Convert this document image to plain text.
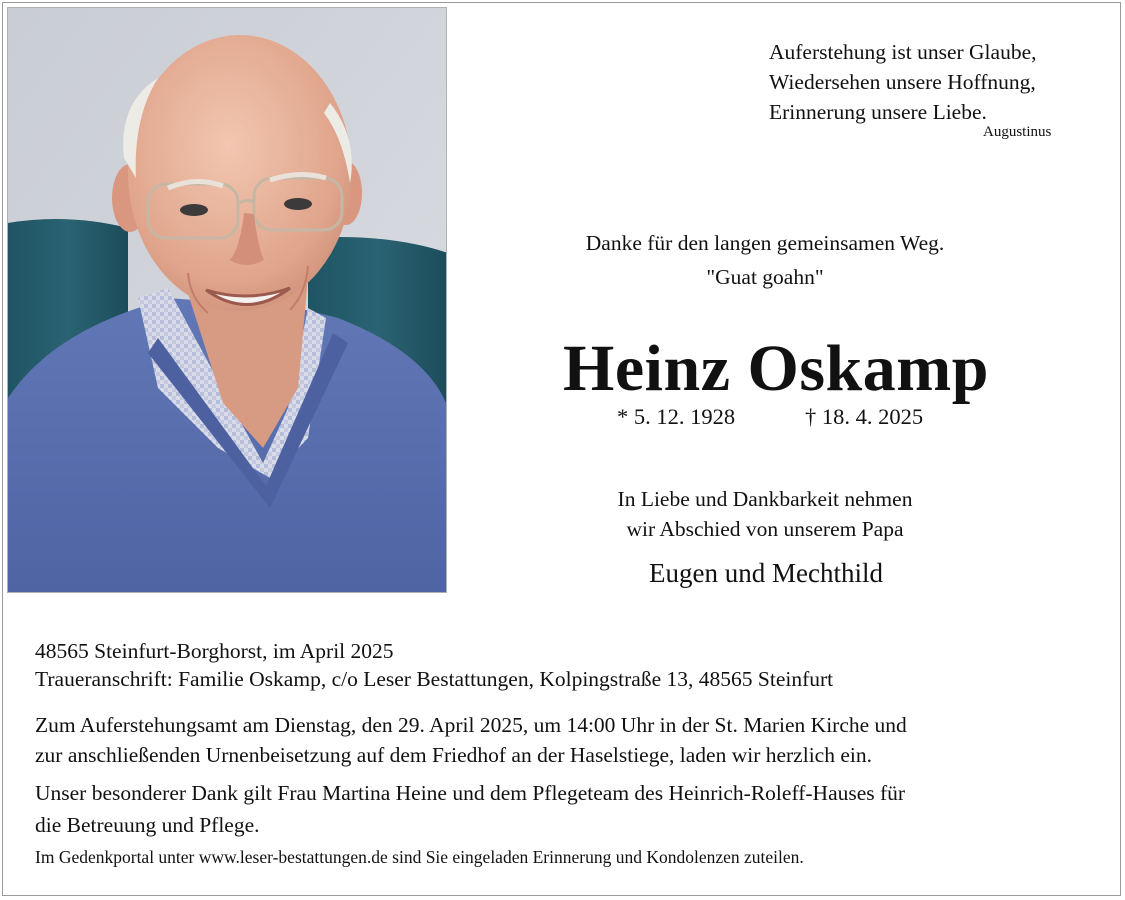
Auferstehung ist unser Glaube,
Wiedersehen unsere Hoffnung,
Erinnerung unsere Liebe.
Augustinus
Danke für den langen gemeinsamen Weg.
"Guat goahn"
Heinz Oskamp
* 5. 12. 1928	† 18. 4. 2025
In Liebe und Dankbarkeit nehmen
wir Abschied von unserem Papa
Eugen und Mechthild
48565 Steinfurt-Borghorst, im April 2025
Traueranschrift: Familie Oskamp, c/o Leser Bestattungen, Kolpingstraße 13, 48565 Steinfurt
Zum Auferstehungsamt am Dienstag, den 29. April 2025, um 14:00 Uhr in der St. Marien Kirche und
zur anschließenden Urnenbeisetzung auf dem Friedhof an der Haselstiege, laden wir herzlich ein.
Unser besonderer Dank gilt Frau Martina Heine und dem Pflegeteam des Heinrich-Roleff-Hauses für
die Betreuung und Pflege.
Im Gedenkportal unter www.leser-bestattungen.de sind Sie eingeladen Erinnerung und Kondolenzen zuteilen.
